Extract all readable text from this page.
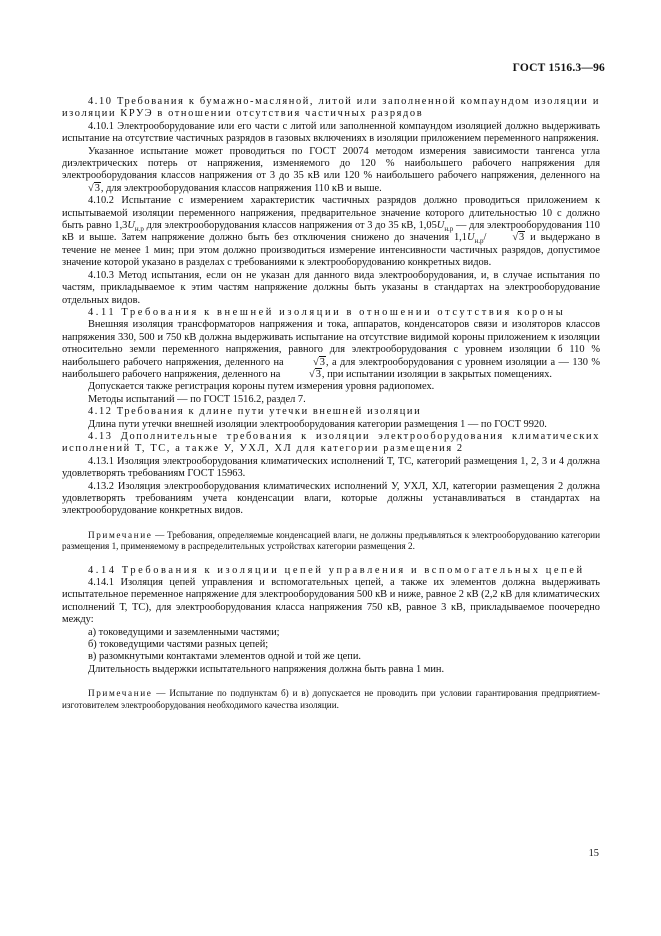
ГОСТ 1516.3—96

4.10 Требования к бумажно-масляной, литой или заполненной компаундом изоляции и изоляции КРУЭ в отношении отсутствия частичных разрядов

4.10.1 Электрооборудование или его части с литой или заполненной компаундом изоляцией должно выдерживать испытание на отсутствие частичных разрядов в газовых включениях в изоляции приложением переменного напряжения.

Указанное испытание может проводиться по ГОСТ 20074 методом измерения зависимости тангенса угла диэлектрических потерь от напряжения, изменяемого до 120 % наибольшего рабочего напряжения для электрооборудования классов напряжения от 3 до 35 кВ или 120 % наибольшего рабочего напряжения, деленного на √3, для электрооборудования классов напряжения 110 кВ и выше.

4.10.2 Испытание с измерением характеристик частичных разрядов должно проводиться приложением к испытываемой изоляции переменного напряжения, предварительное значение которого длительностью 10 с должно быть равно $1,3U_{н.р}$ для электрооборудования классов напряжения от 3 до 35 кВ, $1,05U_{н.р}$ — для электрооборудования 110 кВ и выше. Затем напряжение должно быть без отключения снижено до значения $1,1U_{н.р}/$	√3 и выдержано в течение не менее 1 мин; при этом должно производиться измерение интенсивности частичных разрядов, допустимое значение которой указано в разделах с требованиями к электрооборудованию конкретных видов.

4.10.3 Метод испытания, если он не указан для данного вида электрооборудования, и, в случае испытания по частям, прикладываемое к этим частям напряжение должны быть указаны в стандартах на электрооборудование отдельных видов.

4.11 Требования к внешней изоляции в отношении отсутствия короны

Внешняя изоляция трансформаторов напряжения и тока, аппаратов, конденсаторов связи и изоляторов классов напряжения 330, 500 и 750 кВ должна выдерживать испытание на отсутствие видимой короны приложением к изоляции относительно земли переменного напряжения, равного для электрооборудования с уровнем изоляции б 110 % наибольшего рабочего напряжения, деленного на	√3, а для электрооборудования с уровнем изоляции а — 130 % наибольшего рабочего напряжения, деленного на	√3, при испытании изоляции в закрытых помещениях.

Допускается также регистрация короны путем измерения уровня радиопомех.

Методы испытаний — по ГОСТ 1516.2, раздел 7.

4.12 Требования к длине пути утечки внешней изоляции

Длина пути утечки внешней изоляции электрооборудования категории размещения 1 — по ГОСТ 9920.

4.13 Дополнительные требования к изоляции электрооборудования климатических исполнений Т, ТС, а также У, УХЛ, ХЛ для категории размещения 2

4.13.1 Изоляция электрооборудования климатических исполнений Т, ТС, категорий размещения 1, 2, 3 и 4 должна удовлетворять требованиям ГОСТ 15963.

4.13.2 Изоляция электрооборудования климатических исполнений У, УХЛ, ХЛ, категории размещения 2 должна удовлетворять требованиям учета конденсации влаги, которые должны устанавливаться в стандартах на электрооборудование конкретных видов.

Примечание — Требования, определяемые конденсацией влаги, не должны предъявляться к электрооборудованию категории размещения 1, применяемому в распределительных устройствах категории размещения 2.

4.14 Требования к изоляции цепей управления и вспомогательных цепей

4.14.1 Изоляция цепей управления и вспомогательных цепей, а также их элементов должна выдерживать испытательное переменное напряжение для электрооборудования 500 кВ и ниже, равное 2 кВ (2,2 кВ для климатических исполнений Т, ТС), для электрооборудования класса напряжения 750 кВ, равное 3 кВ, прикладываемое поочередно между:

а) токоведущими и заземленными частями;

б) токоведущими частями разных цепей;

в) разомкнутыми контактами элементов одной и той же цепи.

Длительность выдержки испытательного напряжения должна быть равна 1 мин.

Примечание — Испытание по подпунктам б) и в) допускается не проводить при условии гарантирования предприятием-изготовителем электрооборудования необходимого качества изоляции.

15
